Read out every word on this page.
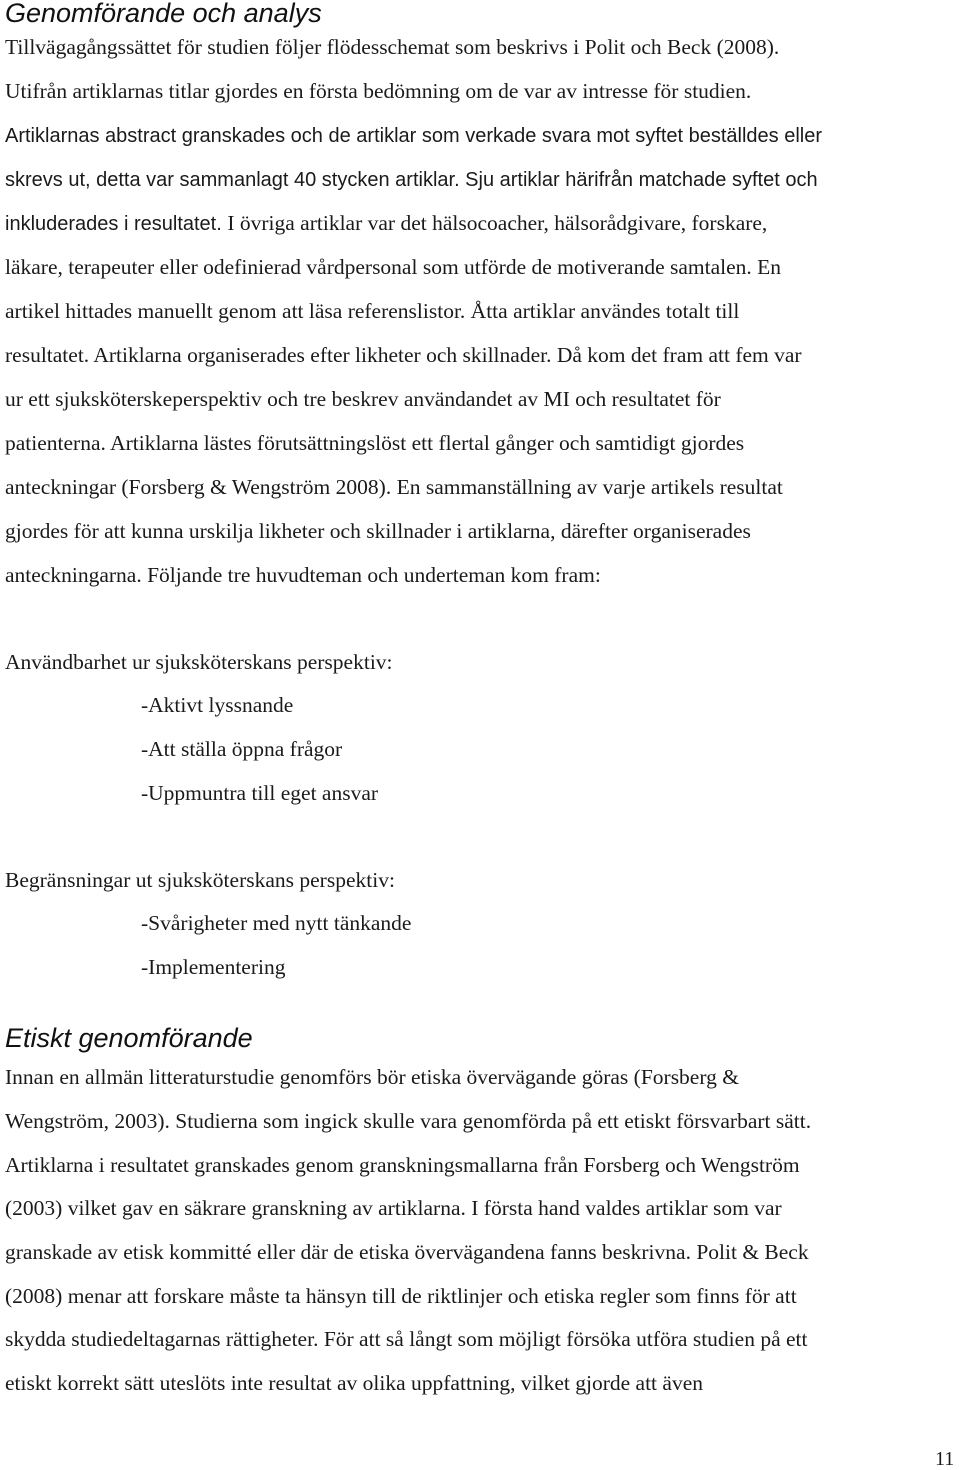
Genomförande och analys
Tillvägagångssättet för studien följer flödesschemat som beskrivs i Polit och Beck (2008).
Utifrån artiklarnas titlar gjordes en första bedömning om de var av intresse för studien.
Artiklarnas abstract granskades och de artiklar som verkade svara mot syftet beställdes eller
skrevs ut, detta var sammanlagt 40 stycken artiklar. Sju artiklar härifrån matchade syftet och
inkluderades i resultatet. I övriga artiklar var det hälsocoacher, hälsorådgivare, forskare,
läkare, terapeuter eller odefinierad vårdpersonal som utförde de motiverande samtalen. En
artikel hittades manuellt genom att läsa referenslistor. Åtta artiklar användes totalt till
resultatet. Artiklarna organiserades efter likheter och skillnader. Då kom det fram att fem var
ur ett sjuksköterskeperspektiv och tre beskrev användandet av MI och resultatet för
patienterna. Artiklarna lästes förutsättningslöst ett flertal gånger och samtidigt gjordes
anteckningar (Forsberg & Wengström 2008). En sammanställning av varje artikels resultat
gjordes för att kunna urskilja likheter och skillnader i artiklarna, därefter organiserades
anteckningarna. Följande tre huvudteman och underteman kom fram:
Användbarhet ur sjuksköterskans perspektiv:
-Aktivt lyssnande
-Att ställa öppna frågor
-Uppmuntra till eget ansvar
Begränsningar ut sjuksköterskans perspektiv:
-Svårigheter med nytt tänkande
-Implementering
Etiskt genomförande
Innan en allmän litteraturstudie genomförs bör etiska övervägande göras (Forsberg &
Wengström, 2003). Studierna som ingick skulle vara genomförda på ett etiskt försvarbart sätt.
Artiklarna i resultatet granskades genom granskningsmallarna från Forsberg och Wengström
(2003) vilket gav en säkrare granskning av artiklarna. I första hand valdes artiklar som var
granskade av etisk kommitté eller där de etiska övervägandena fanns beskrivna. Polit & Beck
(2008) menar att forskare måste ta hänsyn till de riktlinjer och etiska regler som finns för att
skydda studiedeltagarnas rättigheter. För att så långt som möjligt försöka utföra studien på ett
etiskt korrekt sätt uteslöts inte resultat av olika uppfattning, vilket gjorde att även
11
